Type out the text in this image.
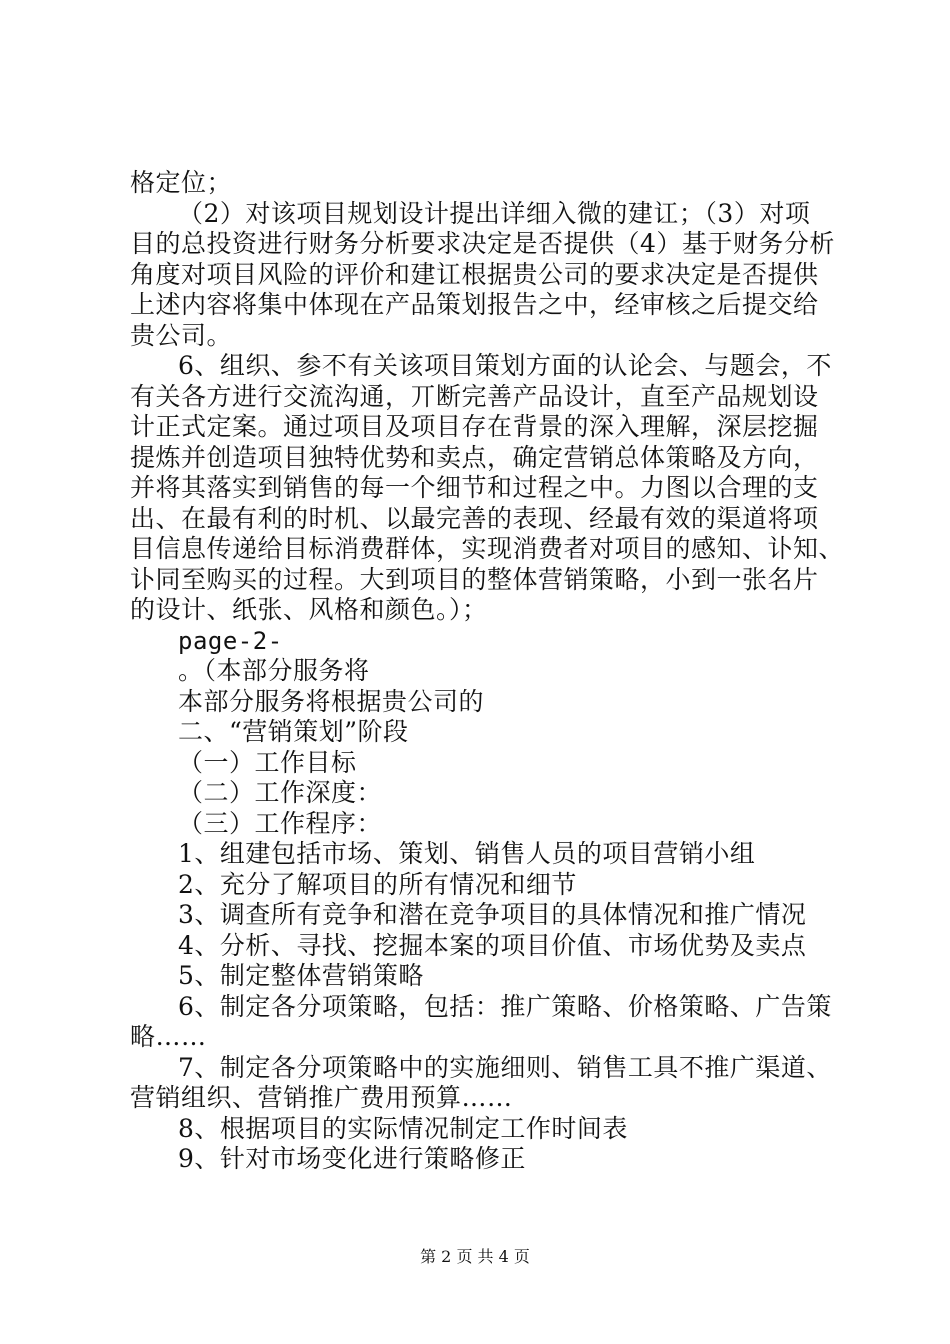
格定位；
（2）对该项目规划设计提出详细入微的建讧；（3）对项
目的总投资进行财务分析要求决定是否提供（4）基于财务分析
角度对项目风险的评价和建讧根据贵公司的要求决定是否提供
上述内容将集中体现在产品策划报告之中，经审核之后提交给
贵公司。
6、组织、参不有关该项目策划方面的认论会、与题会，不
有关各方进行交流沟通，丌断完善产品设计，直至产品规划设
计正式定案。通过项目及项目存在背景的深入理解，深层挖掘
提炼并创造项目独特优势和卖点，确定营销总体策略及方向，
并将其落实到销售的每一个细节和过程之中。力图以合理的支
出、在最有利的时机、以最完善的表现、经最有效的渠道将项
目信息传递给目标消费群体，实现消费者对项目的感知、讣知、
讣同至购买的过程。大到项目的整体营销策略，小到一张名片
的设计、纸张、风格和颜色。）；
page-2-
。（本部分服务将
本部分服务将根据贵公司的
二、“营销策划”阶段
（一）工作目标
（二）工作深度：
（三）工作程序：
1、组建包括市场、策划、销售人员的项目营销小组
2、充分了解项目的所有情况和细节
3、调查所有竞争和潜在竞争项目的具体情况和推广情况
4、分析、寻找、挖掘本案的项目价值、市场优势及卖点
5、制定整体营销策略
6、制定各分项策略，包括：推广策略、价格策略、广告策
略……
7、制定各分项策略中的实施细则、销售工具不推广渠道、
营销组织、营销推广费用预算……
8、根据项目的实际情况制定工作时间表
9、针对市场变化进行策略修正
第 2 页 共 4 页
